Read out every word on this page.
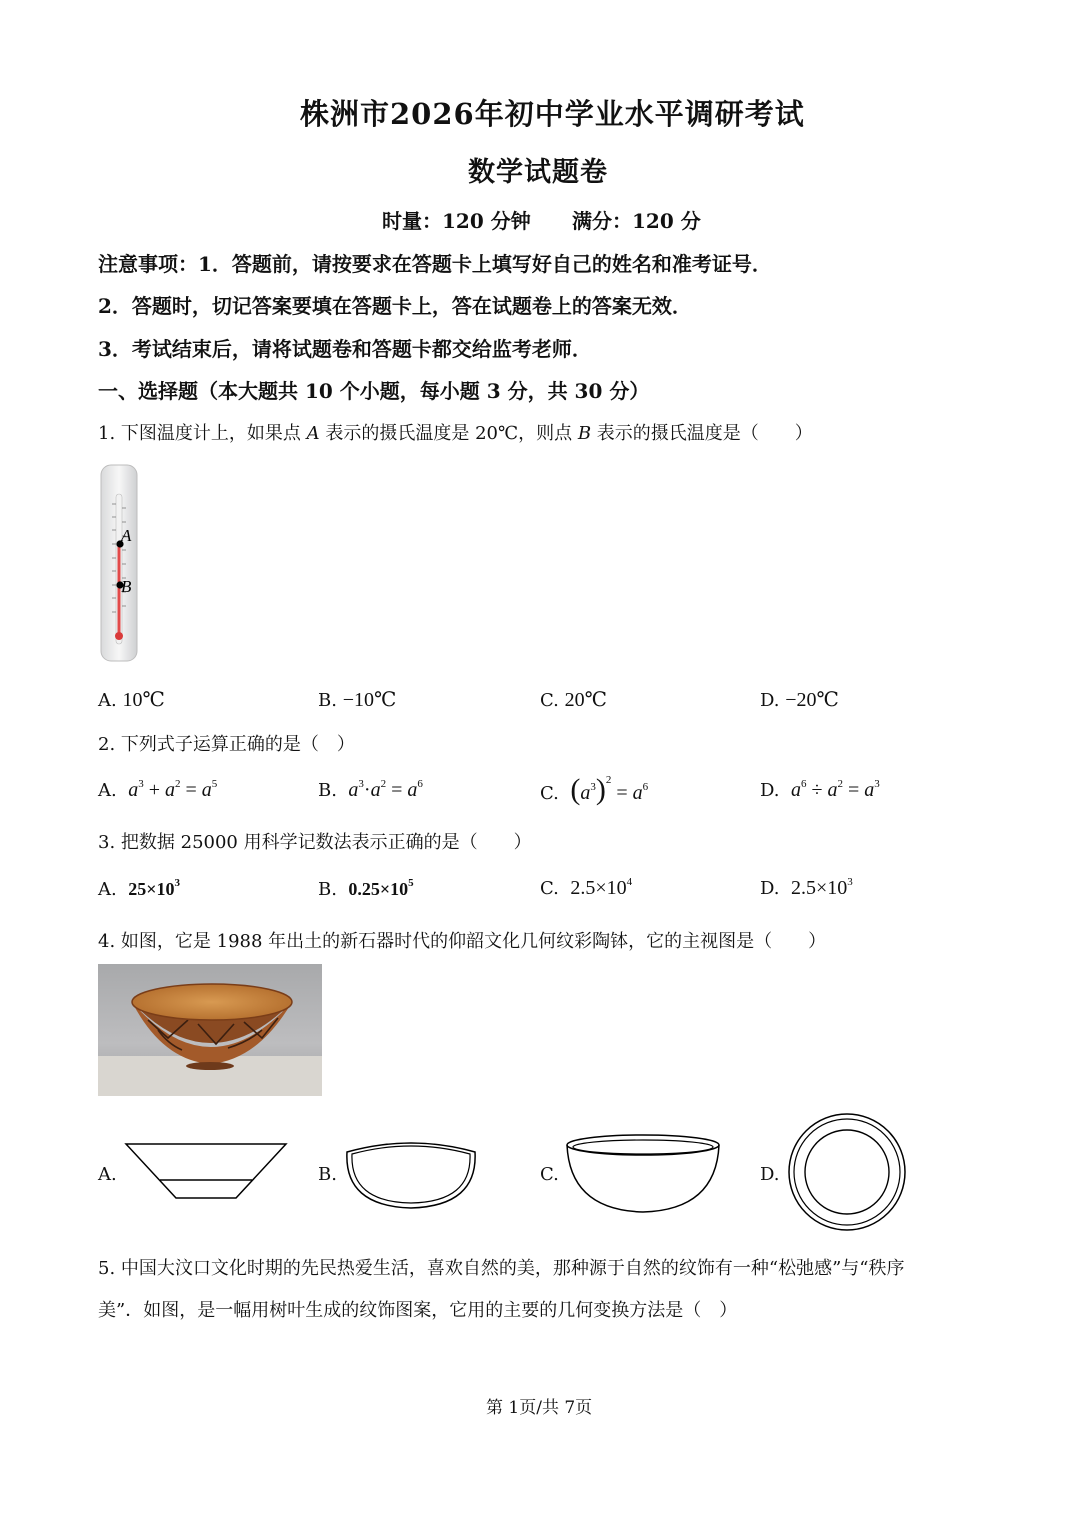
株洲市2026年初中学业水平调研考试
数学试题卷
时量：120 分钟 满分：120 分
注意事项：1．答题前，请按要求在答题卡上填写好自己的姓名和准考证号．
2．答题时，切记答案要填在答题卡上，答在试题卷上的答案无效．
3．考试结束后，请将试题卷和答题卡都交给监考老师．
一、选择题（本大题共 10 个小题，每小题 3 分，共 30 分）
1. 下图温度计上，如果点 A 表示的摄氏温度是 20℃，则点 B 表示的摄氏温度是（　　）
A
B
A. 10℃	B. −10℃	C. 20℃	D. −20℃
2. 下列式子运算正确的是（　）
A. $a^3 + a^2 = a^5$	B. $a^3\cdot a^2 = a^6$	C. $(a^3)^2 = a^6$	D. $a^6 \div a^2 = a^3$
3. 把数据 25000 用科学记数法表示正确的是（　　）
A. $25\times 10^3$	B. $0.25\times 10^5$	C. $2.5\times 10^4$	D. $2.5\times 10^3$
4. 如图，它是 1988 年出土的新石器时代的仰韶文化几何纹彩陶钵，它的主视图是（　　）
A.	B.	C.	D.
5. 中国大汶口文化时期的先民热爱生活，喜欢自然的美，那种源于自然的纹饰有一种“松弛感”与“秩序
美”．如图，是一幅用树叶生成的纹饰图案，它用的主要的几何变换方法是（　）
第 1页/共 7页
